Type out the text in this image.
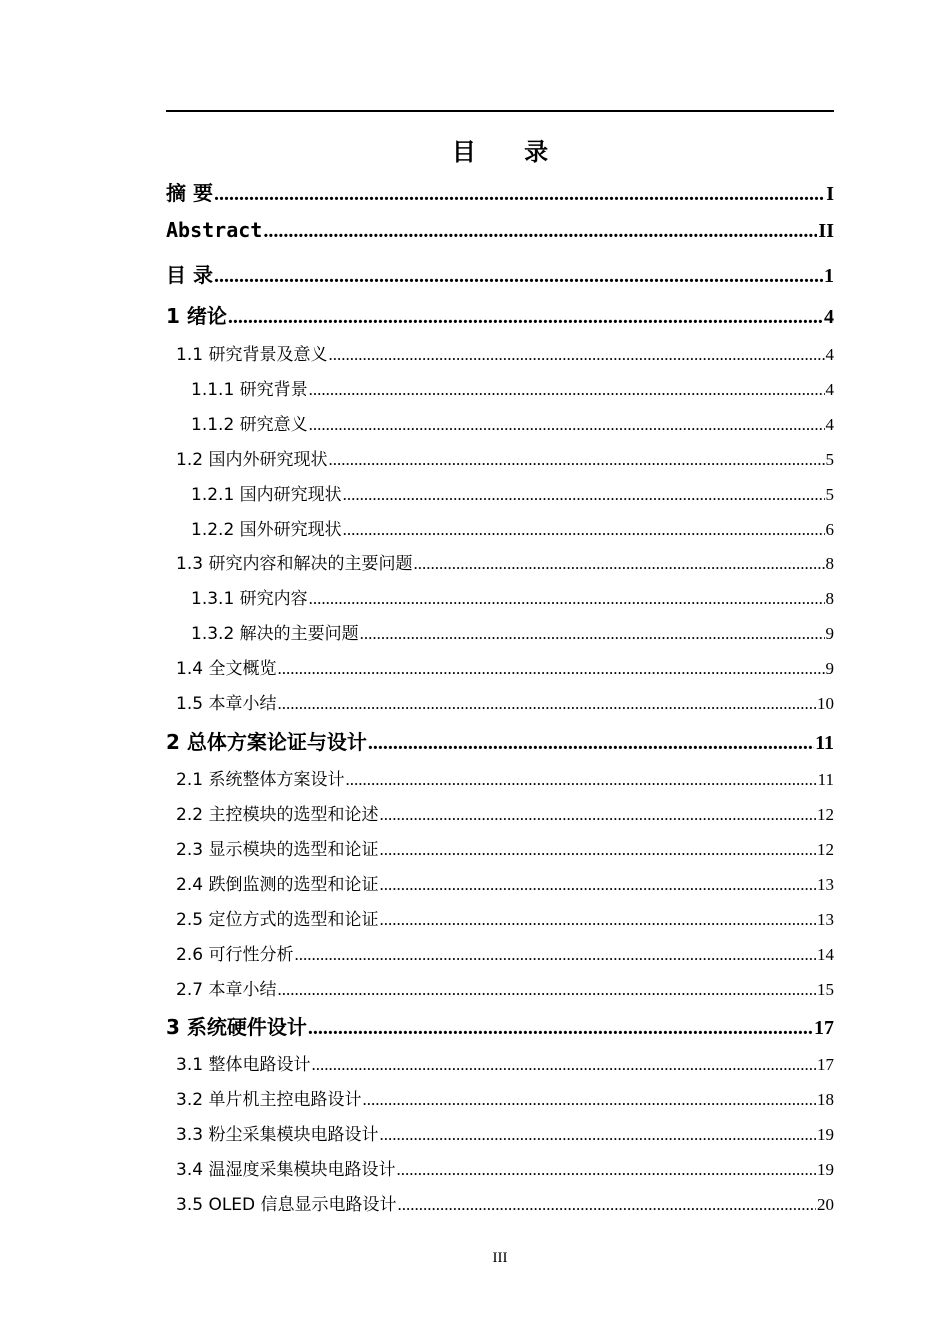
目 录
摘 要 .....	I
Abstract .....	II
目 录 .....	1
1 绪论 .....	4
1.1 研究背景及意义 .....	4
1.1.1 研究背景 .....	4
1.1.2 研究意义 .....	4
1.2 国内外研究现状 .....	5
1.2.1 国内研究现状 .....	5
1.2.2 国外研究现状 .....	6
1.3 研究内容和解决的主要问题 .....	8
1.3.1 研究内容 .....	8
1.3.2 解决的主要问题 .....	9
1.4 全文概览 .....	9
1.5 本章小结 .....	10
2 总体方案论证与设计 .....	11
2.1 系统整体方案设计 .....	11
2.2 主控模块的选型和论述 .....	12
2.3 显示模块的选型和论证 .....	12
2.4 跌倒监测的选型和论证 .....	13
2.5 定位方式的选型和论证 .....	13
2.6 可行性分析 .....	14
2.7 本章小结 .....	15
3 系统硬件设计 .....	17
3.1 整体电路设计 .....	17
3.2 单片机主控电路设计 .....	18
3.3 粉尘采集模块电路设计 .....	19
3.4 温湿度采集模块电路设计 .....	19
3.5 OLED 信息显示电路设计 .....	20
III
